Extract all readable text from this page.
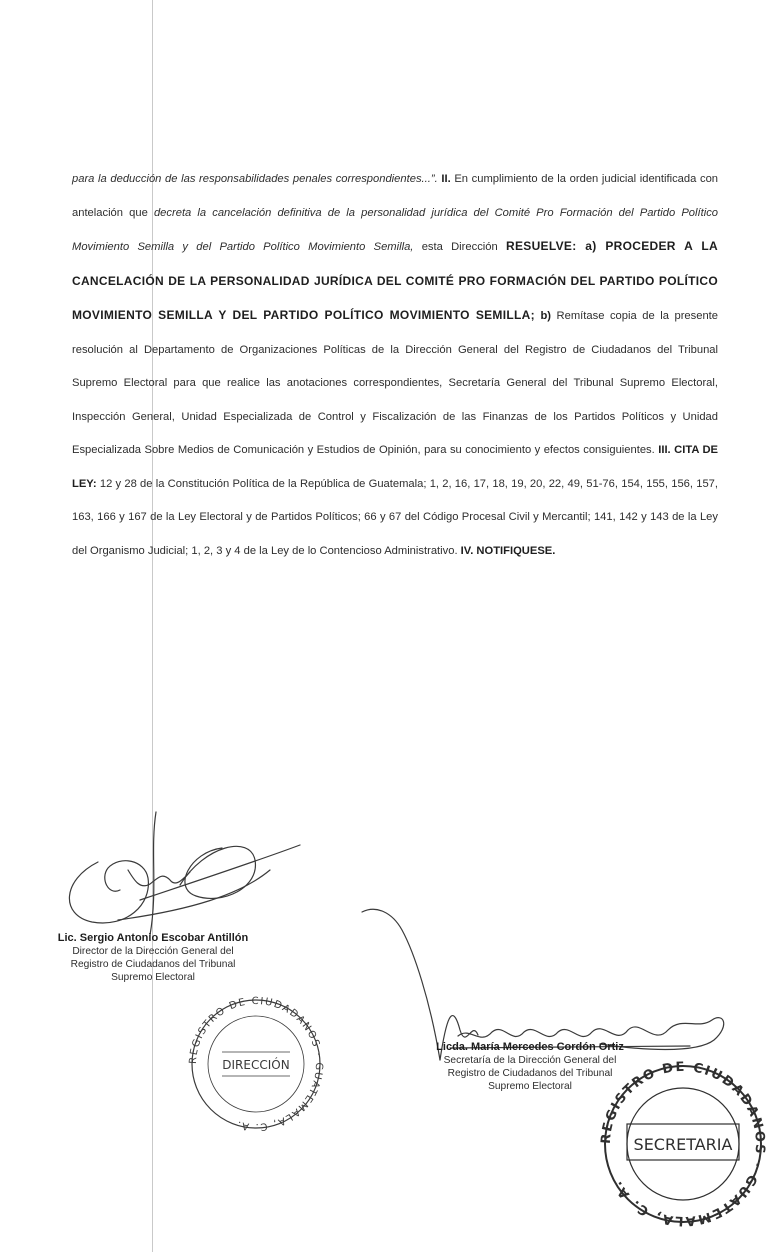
para la deducción de las responsabilidades penales correspondientes...”. II. En cumplimiento de la orden judicial identificada con antelación que decreta la cancelación definitiva de la personalidad jurídica del Comité Pro Formación del Partido Político Movimiento Semilla y del Partido Político Movimiento Semilla, esta Dirección RESUELVE: a) PROCEDER A LA CANCELACIÓN DE LA PERSONALIDAD JURÍDICA DEL COMITÉ PRO FORMACIÓN DEL PARTIDO POLÍTICO MOVIMIENTO SEMILLA Y DEL PARTIDO POLÍTICO MOVIMIENTO SEMILLA; b) Remítase copia de la presente resolución al Departamento de Organizaciones Políticas de la Dirección General del Registro de Ciudadanos del Tribunal Supremo Electoral para que realice las anotaciones correspondientes, Secretaría General del Tribunal Supremo Electoral, Inspección General, Unidad Especializada de Control y Fiscalización de las Finanzas de los Partidos Políticos y Unidad Especializada Sobre Medios de Comunicación y Estudios de Opinión, para su conocimiento y efectos consiguientes. III. CITA DE LEY: 12 y 28 de la Constitución Política de la República de Guatemala; 1, 2, 16, 17, 18, 19, 20, 22, 49, 51-76, 154, 155, 156, 157, 163, 166 y 167 de la Ley Electoral y de Partidos Políticos; 66 y 67 del Código Procesal Civil y Mercantil; 141, 142 y 143 de la Ley del Organismo Judicial; 1, 2, 3 y 4 de la Ley de lo Contencioso Administrativo. IV. NOTIFIQUESE.

REGISTRO DE CIUDADANOS · GUATEMALA, C. A.
DIRECCIÓN
REGISTRO DE CIUDADANOS · GUATEMALA, C. A.
SECRETARIA
Lic. Sergio Antonio Escobar Antillón
Director de la Dirección General del
Registro de Ciudadanos del Tribunal
Supremo Electoral
Licda. María Mercedes Cordón Ortiz
Secretaría de la Dirección General del
Registro de Ciudadanos del Tribunal
Supremo Electoral
